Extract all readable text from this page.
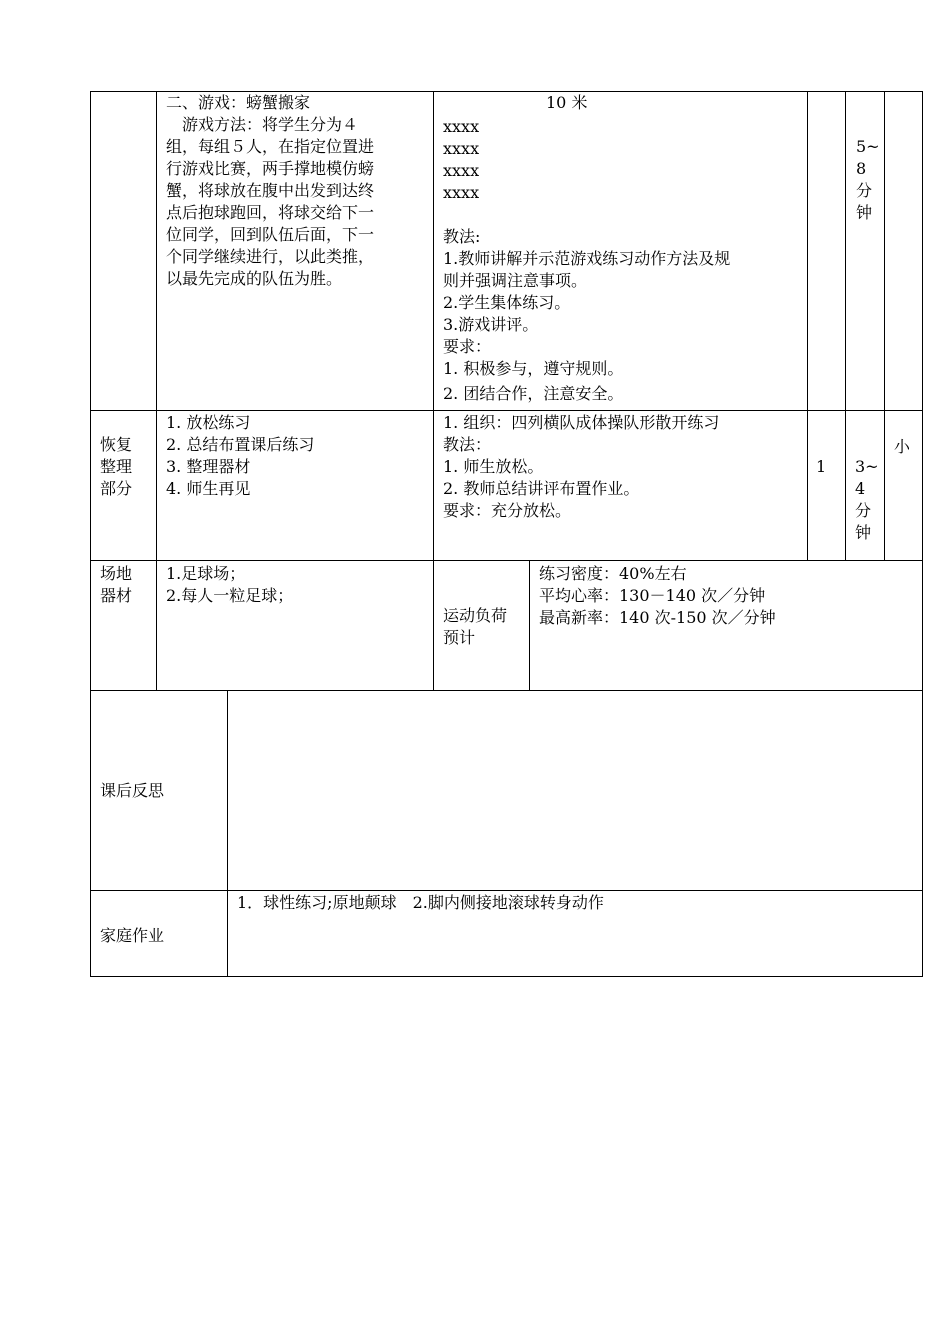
二、游戏：螃蟹搬家
　游戏方法：将学生分为４
组，每组５人，在指定位置进
行游戏比赛，两手撑地模仿螃
蟹，将球放在腹中出发到达终
点后抱球跑回，将球交给下一
位同学，回到队伍后面，下一
个同学继续进行，以此类推，
以最先完成的队伍为胜。
10 米
xxxx
xxxx
xxxx
xxxx
教法:
1.教师讲解并示范游戏练习动作方法及规
则并强调注意事项。
2.学生集体练习。
3.游戏讲评。
要求：
1. 积极参与，遵守规则。
2. 团结合作，注意安全。
5~
8
分
钟
恢复
整理
部分
1. 放松练习
2. 总结布置课后练习
3. 整理器材
4. 师生再见
1. 组织：四列横队成体操队形散开练习
教法：
1. 师生放松。
2. 教师总结讲评布置作业。
要求：充分放松。
1 3~
4
分
钟
小
场地
器材
1.足球场；
2.每人一粒足球；
运动负荷
预计
练习密度：40%左右
平均心率：130－140 次／分钟
最高新率：140 次-150 次／分钟
课后反思
家庭作业
1．球性练习;原地颠球　2.脚内侧接地滚球转身动作
